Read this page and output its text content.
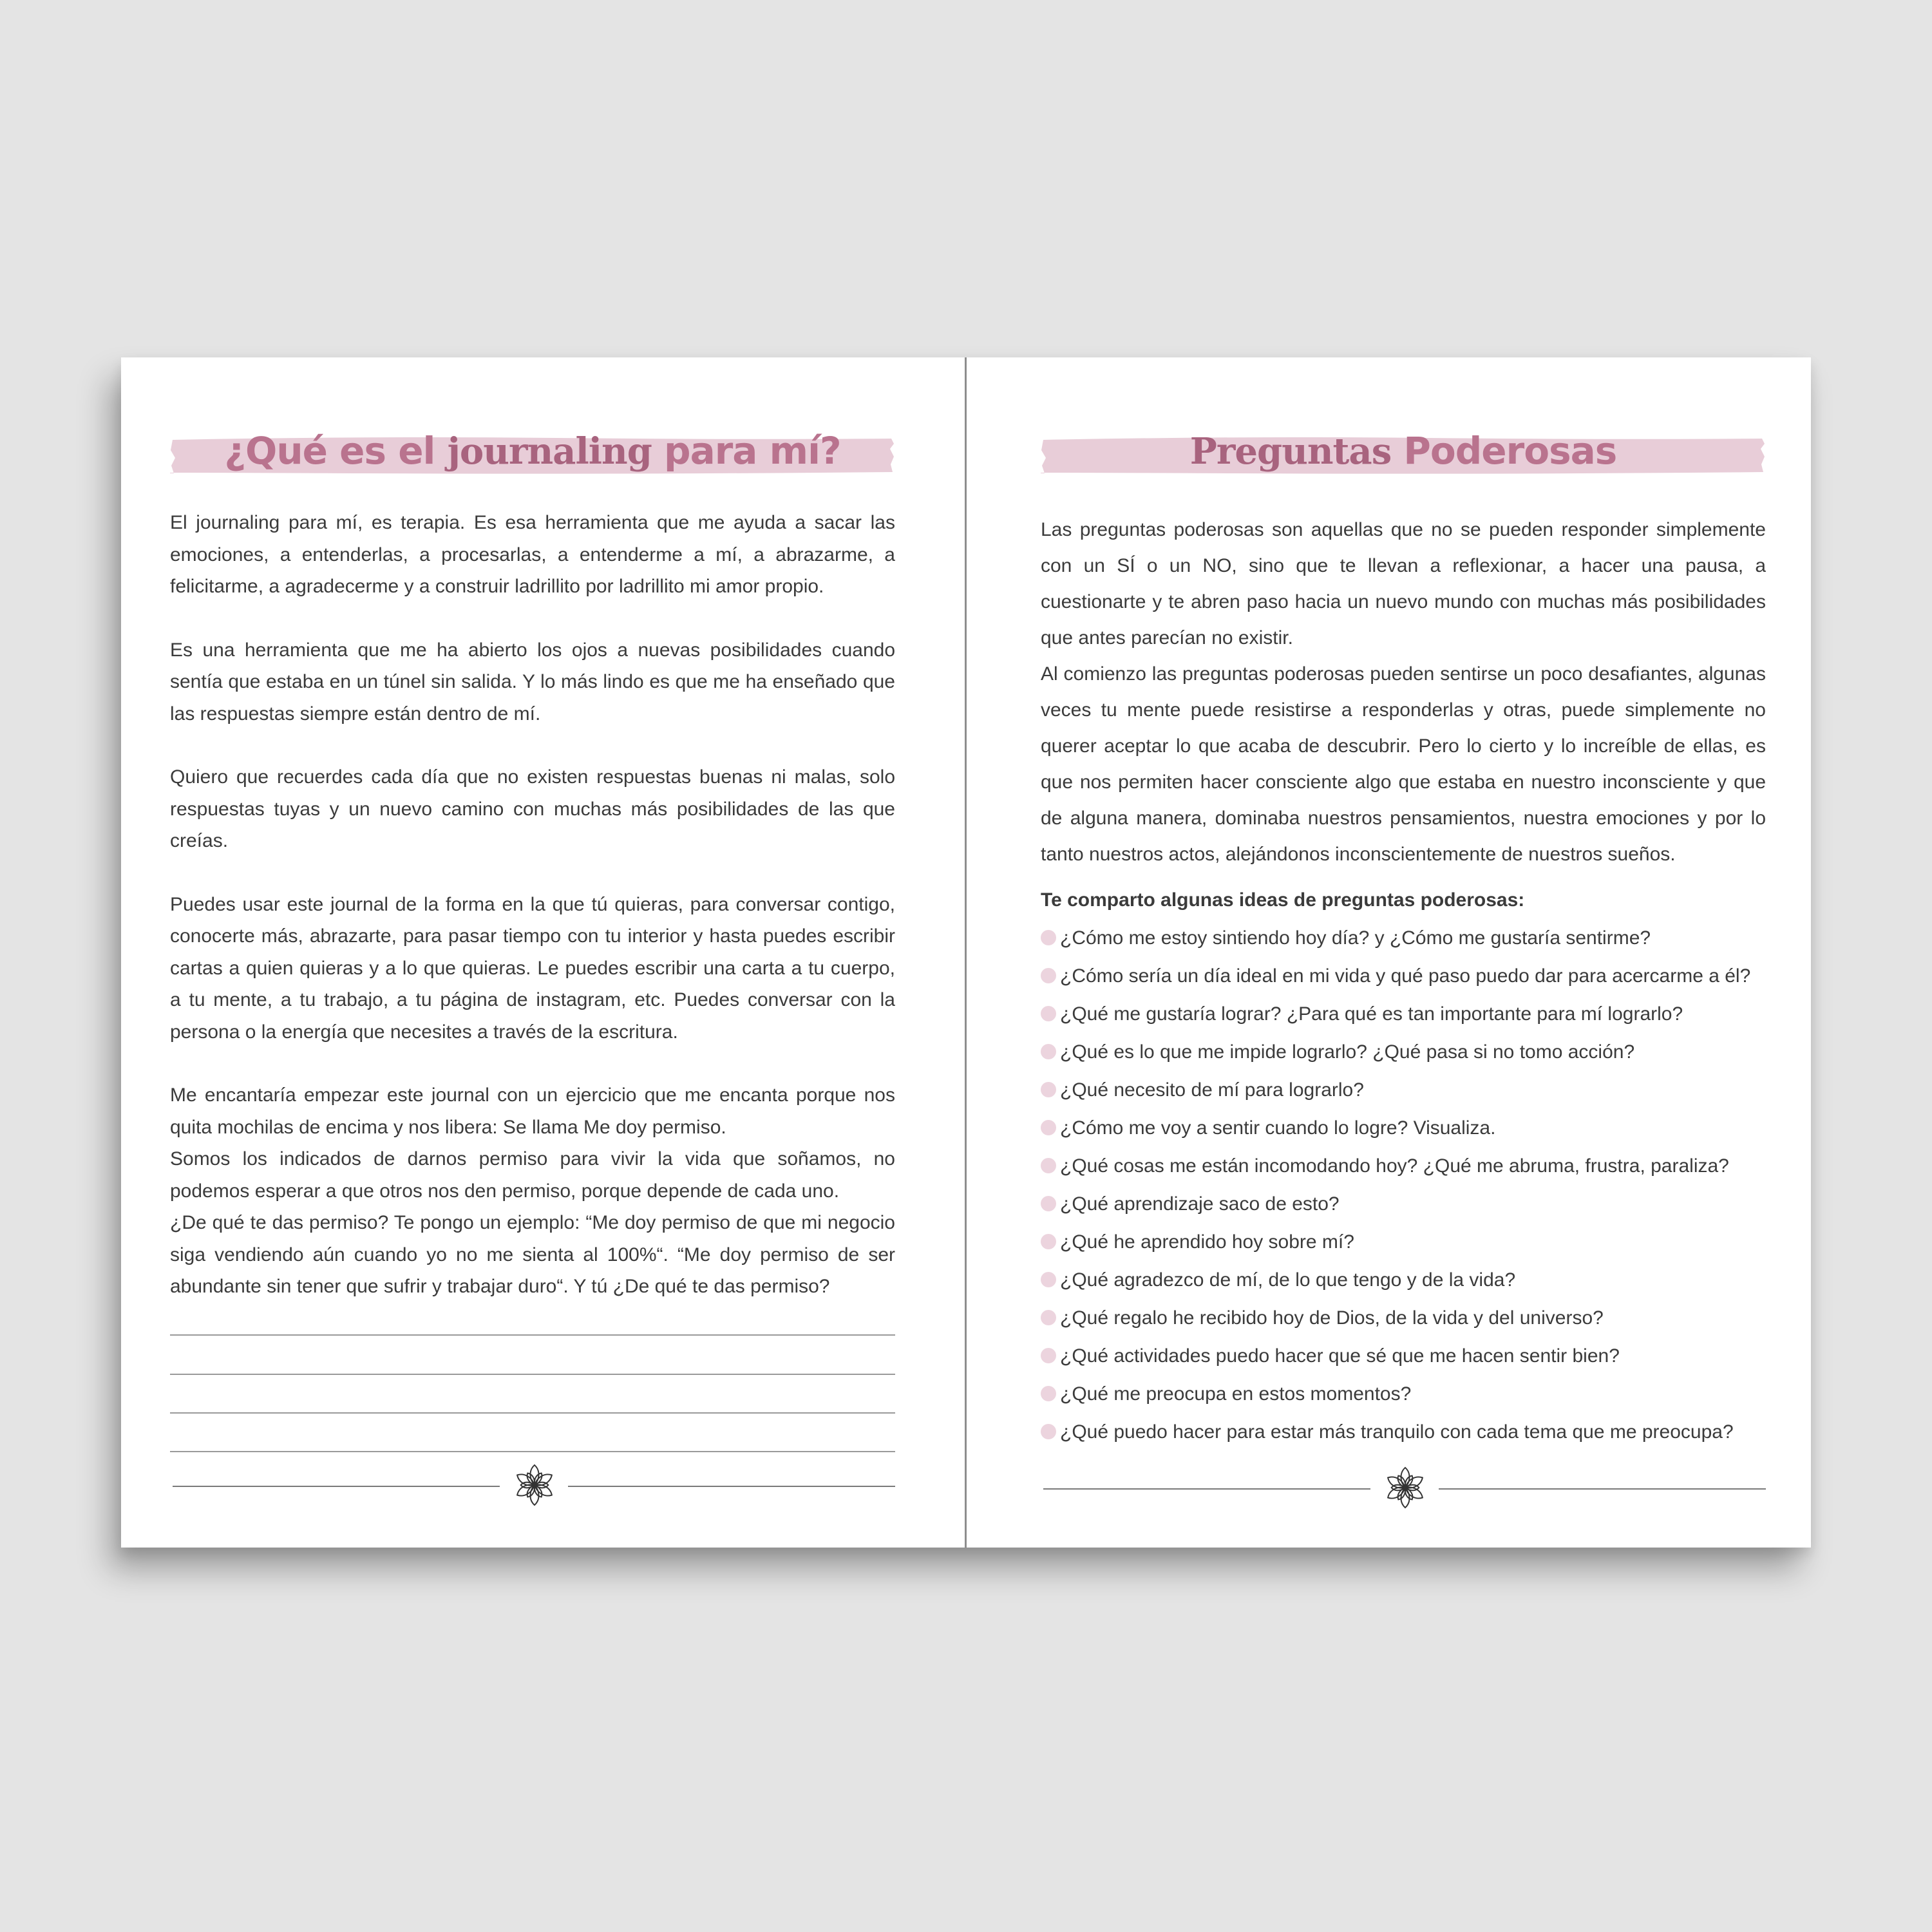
¿Qué es el journaling para mí?

El journaling para mí, es terapia. Es esa herramienta que me ayuda a sacar las emociones, a entenderlas, a procesarlas, a entenderme a mí, a abrazarme, a felicitarme, a agradecerme y a construir ladrillito por ladrillito mi amor propio.

Es una herramienta que me ha abierto los ojos a nuevas posibilidades cuando sentía que estaba en un túnel sin salida. Y lo más lindo es que me ha enseñado que las respuestas siempre están dentro de mí.

Quiero que recuerdes cada día que no existen respuestas buenas ni malas, solo respuestas tuyas y un nuevo camino con muchas más posibilidades de las que creías.

Puedes usar este journal de la forma en la que tú quieras, para conversar contigo, conocerte más, abrazarte, para pasar tiempo con tu interior y hasta puedes escribir cartas a quien quieras y a lo que quieras. Le puedes escribir una carta a tu cuerpo, a tu mente, a tu trabajo, a tu página de instagram, etc. Puedes conversar con la persona o la energía que necesites a través de la escritura.

Me encantaría empezar este journal con un ejercicio que me encanta porque nos quita mochilas de encima y nos libera: Se llama Me doy permiso.

Somos los indicados de darnos permiso para vivir la vida que soñamos, no podemos esperar a que otros nos den permiso, porque depende de cada uno.

¿De qué te das permiso? Te pongo un ejemplo: “Me doy permiso de que mi negocio siga vendiendo aún cuando yo no me sienta al 100%“. “Me doy permiso de ser abundante sin tener que sufrir y trabajar duro“. Y tú ¿De qué te das permiso?

Preguntas Poderosas

Las preguntas poderosas son aquellas que no se pueden responder simplemente con un SÍ o un NO, sino que te llevan a reflexionar, a hacer una pausa, a cuestionarte y te abren paso hacia un nuevo mundo con muchas más posibilidades que antes parecían no existir.

Al comienzo las preguntas poderosas pueden sentirse un poco desafiantes, algunas veces tu mente puede resistirse a responderlas y otras, puede simplemente no querer aceptar lo que acaba de descubrir. Pero lo cierto y lo increíble de ellas, es que nos permiten hacer consciente algo que estaba en nuestro inconsciente y que de alguna manera, dominaba nuestros pensamientos, nuestra emociones y por lo tanto nuestros actos, alejándonos inconscientemente de nuestros sueños.

Te comparto algunas ideas de preguntas poderosas:
¿Cómo me estoy sintiendo hoy día? y ¿Cómo me gustaría sentirme?
¿Cómo sería un día ideal en mi vida y qué paso puedo dar para acercarme a él?
¿Qué me gustaría lograr? ¿Para qué es tan importante para mí lograrlo?
¿Qué es lo que me impide lograrlo? ¿Qué pasa si no tomo acción?
¿Qué necesito de mí para lograrlo?
¿Cómo me voy a sentir cuando lo logre? Visualiza.
¿Qué cosas me están incomodando hoy? ¿Qué me abruma, frustra, paraliza?
¿Qué aprendizaje saco de esto?
¿Qué he aprendido hoy sobre mí?
¿Qué agradezco de mí, de lo que tengo y de la vida?
¿Qué regalo he recibido hoy de Dios, de la vida y del universo?
¿Qué actividades puedo hacer que sé que me hacen sentir bien?
¿Qué me preocupa en estos momentos?
¿Qué puedo hacer para estar más tranquilo con cada tema que me preocupa?
